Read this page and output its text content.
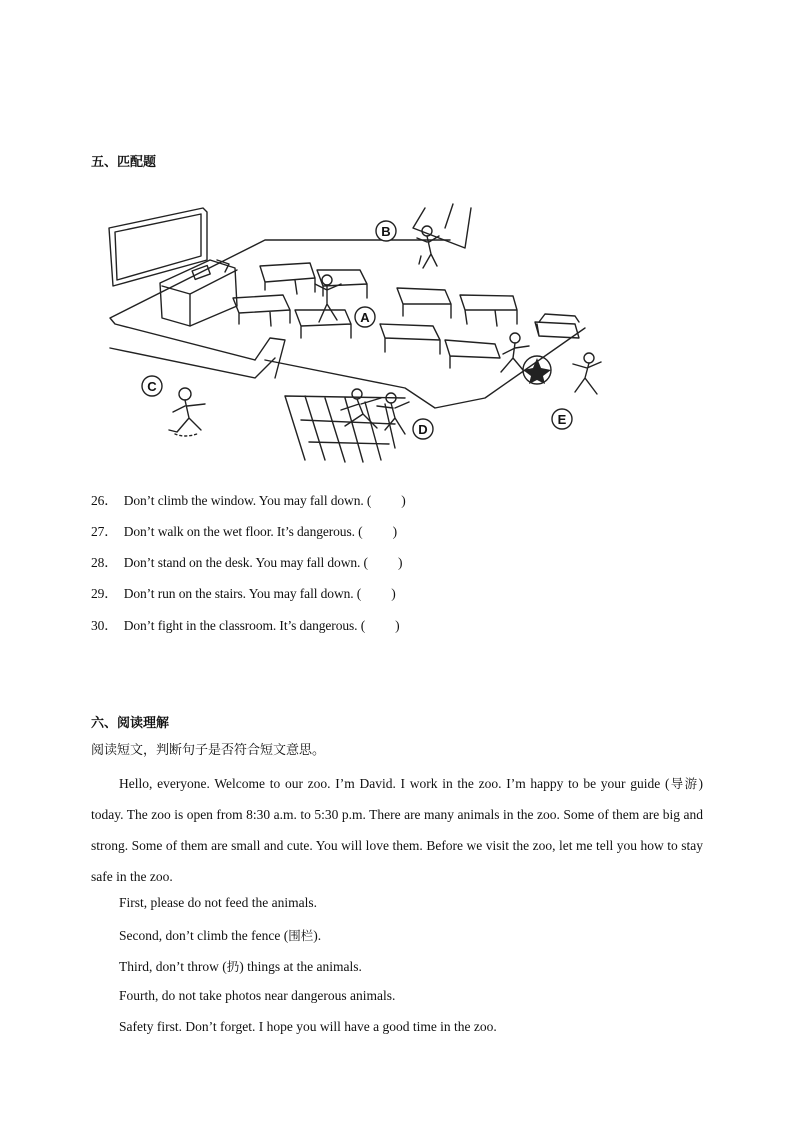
五、匹配题
B
A
C
D
E
26． Don’t climb the window. You may fall down. ( )
27． Don’t walk on the wet floor. It’s dangerous. ( )
28． Don’t stand on the desk. You may fall down. ( )
29． Don’t run on the stairs. You may fall down. ( )
30． Don’t fight in the classroom. It’s dangerous. ( )
六、阅读理解
阅读短文，判断句子是否符合短文意思。
Hello, everyone. Welcome to our zoo. I’m David. I work in the zoo. I’m happy to be your guide (导游) today. The zoo is open from 8:30 a.m. to 5:30 p.m. There are many animals in the zoo. Some of them are big and strong. Some of them are small and cute. You will love them. Before we visit the zoo, let me tell you how to stay safe in the zoo.
First, please do not feed the animals.
Second, don’t climb the fence (围栏).
Third, don’t throw (扔) things at the animals.
Fourth, do not take photos near dangerous animals.
Safety first. Don’t forget. I hope you will have a good time in the zoo.
